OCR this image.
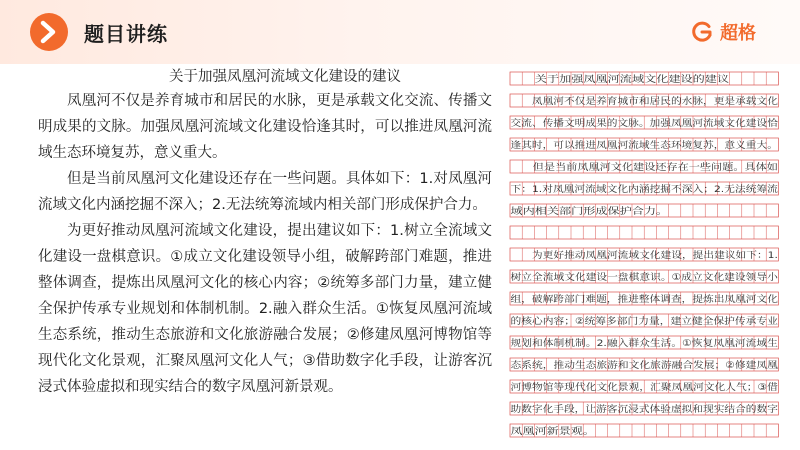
题目讲练	超格
关于加强凤凰河流域文化建设的建议

凤凰河不仅是养育城市和居民的水脉，更是承载文化交流、传播文明成果的文脉。加强凤凰河流域文化建设恰逢其时，可以推进凤凰河流域生态环境复苏，意义重大。

但是当前凤凰河文化建设还存在一些问题。具体如下：1.对凤凰河流域文化内涵挖掘不深入；2.无法统筹流域内相关部门形成保护合力。

为更好推动凤凰河流域文化建设，提出建议如下：1.树立全流域文化建设一盘棋意识。①成立文化建设领导小组，破解跨部门难题，推进整体调查，提炼出凤凰河文化的核心内容；②统筹多部门力量，建立健全保护传承专业规划和体制机制。2.融入群众生活。①恢复凤凰河流域生态系统，推动生态旅游和文化旅游融合发展；②修建凤凰河博物馆等现代化文化景观，汇聚凤凰河文化人气；③借助数字化手段，让游客沉浸式体验虚拟和现实结合的数字凤凰河新景观。

　　关于加强凤凰河流域文化建设的建议
　　凤凰河不仅是养育城市和居民的水脉，更是承载文化
交流、传播文明成果的文脉。加强凤凰河流域文化建设恰
逢其时，可以推进凤凰河流域生态环境复苏，意义重大。
　　但是当前凤凰河文化建设还存在一些问题。具体如
下：1.对凤凰河流域文化内涵挖掘不深入；2.无法统筹流
域内相关部门形成保护合力。
　　为更好推动凤凰河流域文化建设，提出建议如下：1.
树立全流域文化建设一盘棋意识。①成立文化建设领导小
组，破解跨部门难题，推进整体调查，提炼出凤凰河文化
的核心内容；②统筹多部门力量，建立健全保护传承专业
规划和体制机制。2.融入群众生活。①恢复凤凰河流域生
态系统，推动生态旅游和文化旅游融合发展；②修建凤凰
河博物馆等现代化文化景观，汇聚凤凰河文化人气；③借
助数字化手段，让游客沉浸式体验虚拟和现实结合的数字
凤凰河新景观。
